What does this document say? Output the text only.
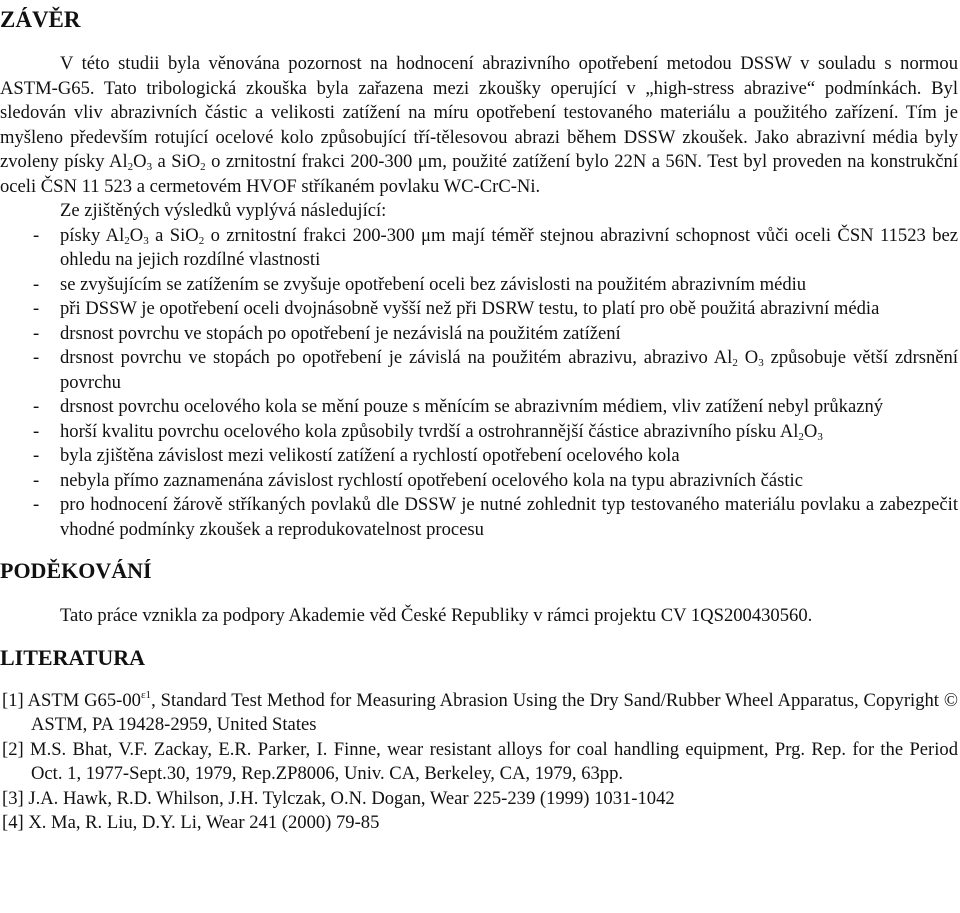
ZÁVĚR

V této studii byla věnována pozornost na hodnocení abrazivního opotřebení metodou DSSW v souladu s normou ASTM-G65. Tato tribologická zkouška byla zařazena mezi zkoušky operující v „high-stress abrazive“ podmínkách. Byl sledován vliv abrazivních částic a velikosti zatížení na míru opotřebení testovaného materiálu a použitého zařízení. Tím je myšleno především rotující ocelové kolo způsobující tří-tělesovou abrazi během DSSW zkoušek. Jako abrazivní média byly zvoleny písky $Al_2O_3$ a SiO$_2$ o zrnitostní frakci 200-300 μm, použité zatížení bylo 22N a 56N. Test byl proveden na konstrukční oceli ČSN 11 523 a cermetovém HVOF stříkaném povlaku WC-CrC-Ni.

Ze zjištěných výsledků vyplývá následující:

- písky $Al_2O_3$ a SiO$_2$ o zrnitostní frakci 200-300 μm mají téměř stejnou abrazivní schopnost vůči oceli ČSN 11523 bez ohledu na jejich rozdílné vlastnosti
- se zvyšujícím se zatížením se zvyšuje opotřebení oceli bez závislosti na použitém abrazivním médiu
- při DSSW je opotřebení oceli dvojnásobně vyšší než při DSRW testu, to platí pro obě použitá abrazivní média
- drsnost povrchu ve stopách po opotřebení je nezávislá na použitém zatížení
- drsnost povrchu ve stopách po opotřebení je závislá na použitém abrazivu, abrazivo $Al_2$ $O_3$ způsobuje větší zdrsnění povrchu
- drsnost povrchu ocelového kola se mění pouze s měnícím se abrazivním médiem, vliv zatížení nebyl průkazný
- horší kvalitu povrchu ocelového kola způsobily tvrdší a ostrohrannější částice abrazivního písku $Al_2O_3$
- byla zjištěna závislost mezi velikostí zatížení a rychlostí opotřebení ocelového kola
- nebyla přímo zaznamenána závislost rychlostí opotřebení ocelového kola na typu abrazivních částic
- pro hodnocení žárově stříkaných povlaků dle DSSW je nutné zohlednit typ testovaného materiálu povlaku a zabezpečit vhodné podmínky zkoušek a reprodukovatelnost procesu
PODĚKOVÁNÍ

Tato práce vznikla za podpory Akademie věd České Republiky v rámci projektu CV 1QS200430560.

LITERATURA
[1] ASTM $G65-00^{\varepsilon 1}$, Standard Test Method for Measuring Abrasion Using the Dry Sand/Rubber Wheel Apparatus, Copyright © ASTM, PA 19428-2959, United States
[2] M.S. Bhat, V.F. Zackay, E.R. Parker, I. Finne, wear resistant alloys for coal handling equipment, Prg. Rep. for the Period Oct. 1, 1977-Sept.30, 1979, Rep.ZP8006, Univ. CA, Berkeley, CA, 1979, 63pp.
[3] J.A. Hawk, R.D. Whilson, J.H. Tylczak, O.N. Dogan, Wear 225-239 (1999) 1031-1042
[4] X. Ma, R. Liu, D.Y. Li, Wear 241 (2000) 79-85
